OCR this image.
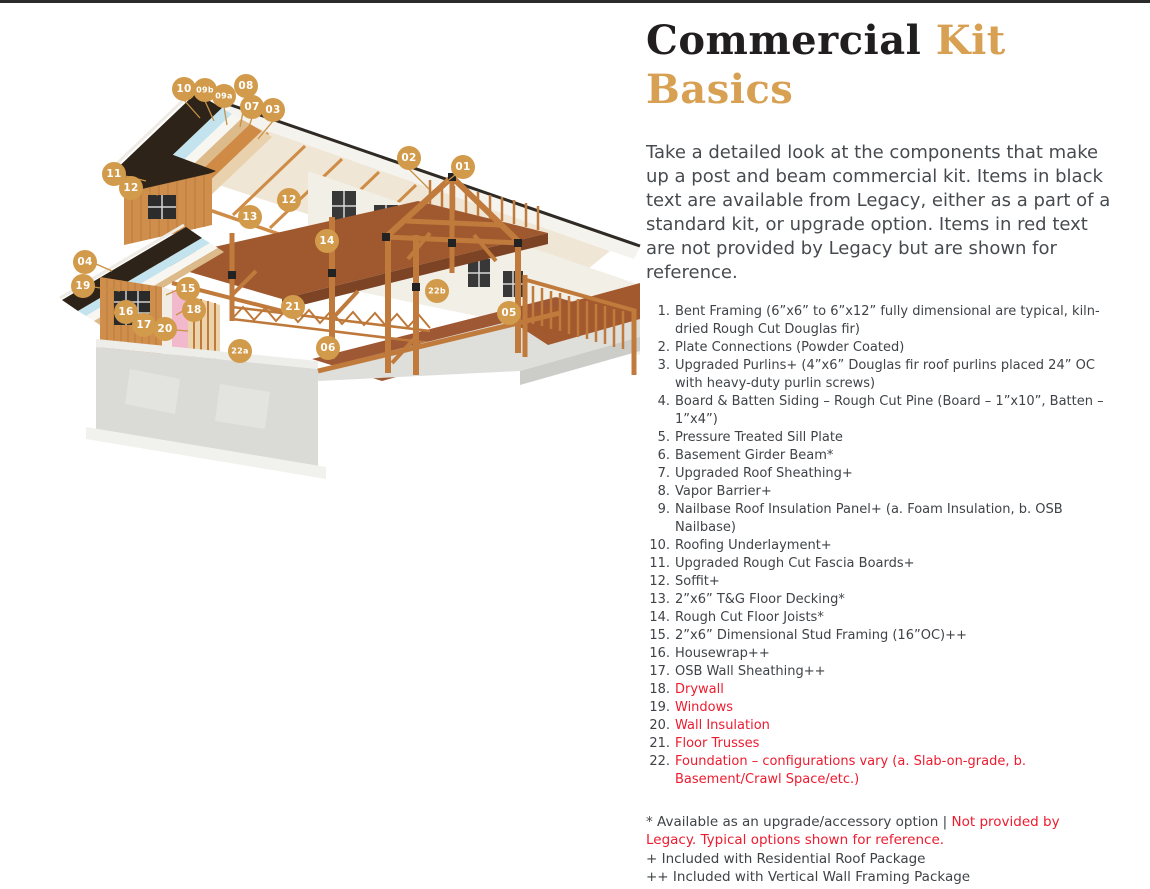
10 09b
09a
08
07 03
02
01
11
12
12
13
14
04
19	15
18
16
17 20
21
22b
05
22a	06
Commercial Kit Basics

Take a detailed look at the components that make up a post and beam commercial kit. Items in black text are available from Legacy, either as a part of a standard kit, or upgrade option. Items in red text are not provided by Legacy but are shown for reference.

1. Bent Framing (6”x6” to 6”x12” fully dimensional are typical, kiln-dried Rough Cut Douglas fir)
2. Plate Connections (Powder Coated)
3. Upgraded Purlins+ (4”x6” Douglas fir roof purlins placed 24” OC with heavy-duty purlin screws)
4. Board & Batten Siding – Rough Cut Pine (Board – 1”x10”, Batten – 1”x4”)
5. Pressure Treated Sill Plate
6. Basement Girder Beam*
7. Upgraded Roof Sheathing+
8. Vapor Barrier+
9. Nailbase Roof Insulation Panel+ (a. Foam Insulation, b. OSB Nailbase)
10. Roofing Underlayment+
11. Upgraded Rough Cut Fascia Boards+
12. Soffit+
13. 2”x6” T&G Floor Decking*
14. Rough Cut Floor Joists*
15. 2”x6” Dimensional Stud Framing (16”OC)++
16. Housewrap++
17. OSB Wall Sheathing++
18. Drywall
19. Windows
20. Wall Insulation
21. Floor Trusses
22. Foundation – configurations vary (a. Slab-on-grade, b. Basement/Crawl Space/etc.)

* Available as an upgrade/accessory option | Not provided by Legacy. Typical options shown for reference.

+ Included with Residential Roof Package

++ Included with Vertical Wall Framing Package
